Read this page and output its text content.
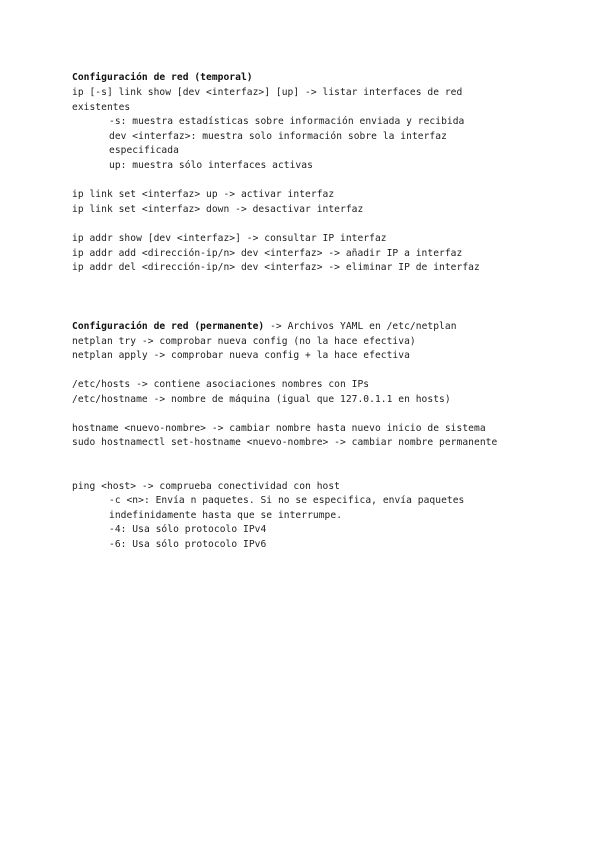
Configuración de red (temporal)
ip [-s] link show [dev <interfaz>] [up] -> listar interfaces de red
existentes
-s: muestra estadísticas sobre información enviada y recibida
dev <interfaz>: muestra solo información sobre la interfaz
especificada
up: muestra sólo interfaces activas
ip link set <interfaz> up -> activar interfaz
ip link set <interfaz> down -> desactivar interfaz
ip addr show [dev <interfaz>] -> consultar IP interfaz
ip addr add <dirección-ip/n> dev <interfaz> -> añadir IP a interfaz
ip addr del <dirección-ip/n> dev <interfaz> -> eliminar IP de interfaz
Configuración de red (permanente) -> Archivos YAML en /etc/netplan
netplan try -> comprobar nueva config (no la hace efectiva)
netplan apply -> comprobar nueva config + la hace efectiva
/etc/hosts -> contiene asociaciones nombres con IPs
/etc/hostname -> nombre de máquina (igual que 127.0.1.1 en hosts)
hostname <nuevo-nombre> -> cambiar nombre hasta nuevo inicio de sistema
sudo hostnamectl set-hostname <nuevo-nombre> -> cambiar nombre permanente
ping <host> -> comprueba conectividad con host
-c <n>: Envía n paquetes. Si no se especifica, envía paquetes
indefinidamente hasta que se interrumpe.
-4: Usa sólo protocolo IPv4
-6: Usa sólo protocolo IPv6
